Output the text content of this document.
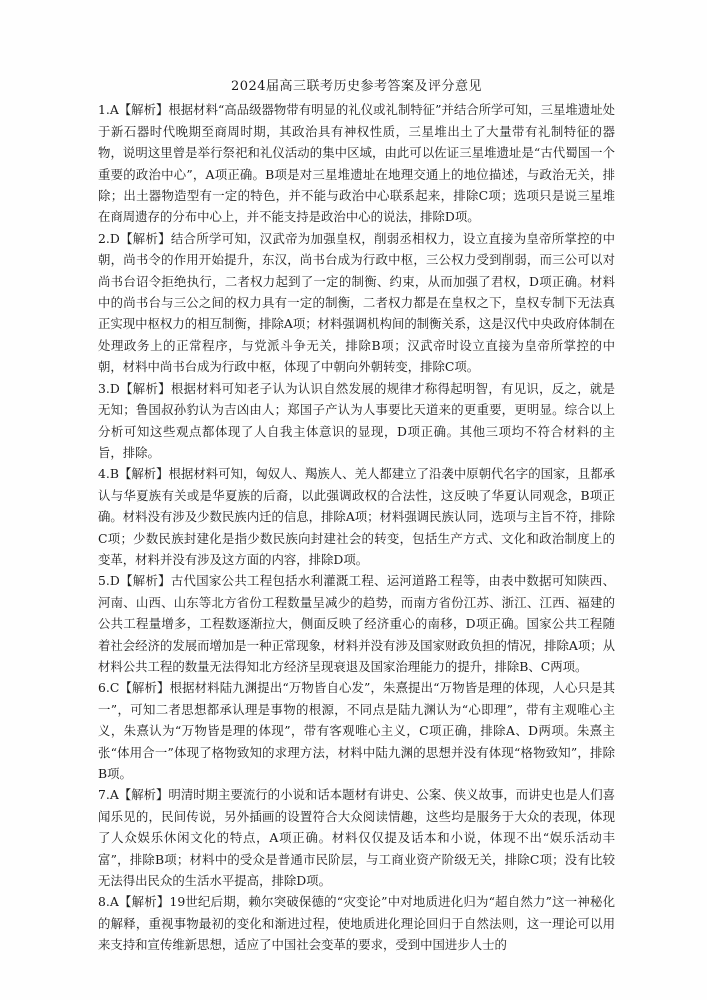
2024届高三联考历史参考答案及评分意见

1.A【解析】根据材料“高品级器物带有明显的礼仪或礼制特征”并结合所学可知，三星堆遗址处于新石器时代晚期至商周时期，其政治具有神权性质，三星堆出土了大量带有礼制特征的器物，说明这里曾是举行祭祀和礼仪活动的集中区域，由此可以佐证三星堆遗址是“古代蜀国一个重要的政治中心”，A项正确。B项是对三星堆遗址在地理交通上的地位描述，与政治无关，排除；出土器物造型有一定的特色，并不能与政治中心联系起来，排除C项；选项只是说三星堆在商周遗存的分布中心上，并不能支持是政治中心的说法，排除D项。

2.D【解析】结合所学可知，汉武帝为加强皇权，削弱丞相权力，设立直接为皇帝所掌控的中朝，尚书令的作用开始提升，东汉，尚书台成为行政中枢，三公权力受到削弱，而三公可以对尚书台诏令拒绝执行，二者权力起到了一定的制衡、约束，从而加强了君权，D项正确。材料中的尚书台与三公之间的权力具有一定的制衡，二者权力都是在皇权之下，皇权专制下无法真正实现中枢权力的相互制衡，排除A项；材料强调机构间的制衡关系，这是汉代中央政府体制在处理政务上的正常程序，与党派斗争无关，排除B项；汉武帝时设立直接为皇帝所掌控的中朝，材料中尚书台成为行政中枢，体现了中朝向外朝转变，排除C项。

3.D【解析】根据材料可知老子认为认识自然发展的规律才称得起明智，有见识，反之，就是无知；鲁国叔孙豹认为吉凶由人；郑国子产认为人事要比天道来的更重要，更明显。综合以上分析可知这些观点都体现了人自我主体意识的显现，D项正确。其他三项均不符合材料的主旨，排除。

4.B【解析】根据材料可知，匈奴人、羯族人、羌人都建立了沿袭中原朝代名字的国家，且都承认与华夏族有关或是华夏族的后裔，以此强调政权的合法性，这反映了华夏认同观念，B项正确。材料没有涉及少数民族内迁的信息，排除A项；材料强调民族认同，选项与主旨不符，排除C项；少数民族封建化是指少数民族向封建社会的转变，包括生产方式、文化和政治制度上的变革，材料并没有涉及这方面的内容，排除D项。

5.D【解析】古代国家公共工程包括水利灌溉工程、运河道路工程等，由表中数据可知陕西、河南、山西、山东等北方省份工程数量呈减少的趋势，而南方省份江苏、浙江、江西、福建的公共工程量增多，工程数逐渐拉大，侧面反映了经济重心的南移，D项正确。国家公共工程随着社会经济的发展而增加是一种正常现象，材料并没有涉及国家财政负担的情况，排除A项；从材料公共工程的数量无法得知北方经济呈现衰退及国家治理能力的提升，排除B、C两项。

6.C【解析】根据材料陆九渊提出“万物皆自心发”，朱熹提出“万物皆是理的体现，人心只是其一”，可知二者思想都承认理是事物的根源，不同点是陆九渊认为“心即理”，带有主观唯心主义，朱熹认为“万物皆是理的体现”，带有客观唯心主义，C项正确，排除A、D两项。朱熹主张“体用合一”体现了格物致知的求理方法，材料中陆九渊的思想并没有体现“格物致知”，排除B项。

7.A【解析】明清时期主要流行的小说和话本题材有讲史、公案、侠义故事，而讲史也是人们喜闻乐见的，民间传说，另外插画的设置符合大众阅读情趣，这些均是服务于大众的表现，体现了人众娱乐休闲文化的特点，A项正确。材料仅仅提及话本和小说，体现不出“娱乐活动丰富”，排除B项；材料中的受众是普通市民阶层，与工商业资产阶级无关，排除C项；没有比较无法得出民众的生活水平提高，排除D项。

8.A【解析】19世纪后期，赖尔突破保德的“灾变论”中对地质进化归为“超自然力”这一神秘化的解释，重视事物最初的变化和渐进过程，使地质进化理论回归于自然法则，这一理论可以用来支持和宣传维新思想，适应了中国社会变革的要求，受到中国进步人士的
